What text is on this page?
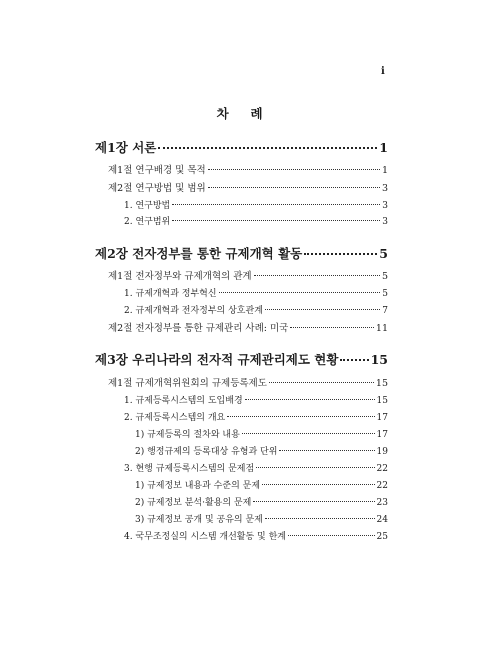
i
차 례
제1장 서론	1
제1절 연구배경 및 목적	1
제2절 연구방법 및 범위	3
1. 연구방법	3
2. 연구범위	3
제2장 전자정부를 통한 규제개혁 활동	5
제1절 전자정부와 규제개혁의 관계	5
1. 규제개혁과 정부혁신	5
2. 규제개혁과 전자정부의 상호관계	7
제2절 전자정부를 통한 규제관리 사례: 미국	11
제3장 우리나라의 전자적 규제관리제도 현황	15
제1절 규제개혁위원회의 규제등록제도	15
1. 규제등록시스템의 도입배경	15
2. 규제등록시스템의 개요	17
1) 규제등록의 절차와 내용	17
2) 행정규제의 등록대상 유형과 단위	19
3. 현행 규제등록시스템의 문제점	22
1) 규제정보 내용과 수준의 문제	22
2) 규제정보 분석·활용의 문제	23
3) 규제정보 공개 및 공유의 문제	24
4. 국무조정실의 시스템 개선활동 및 한계	25
